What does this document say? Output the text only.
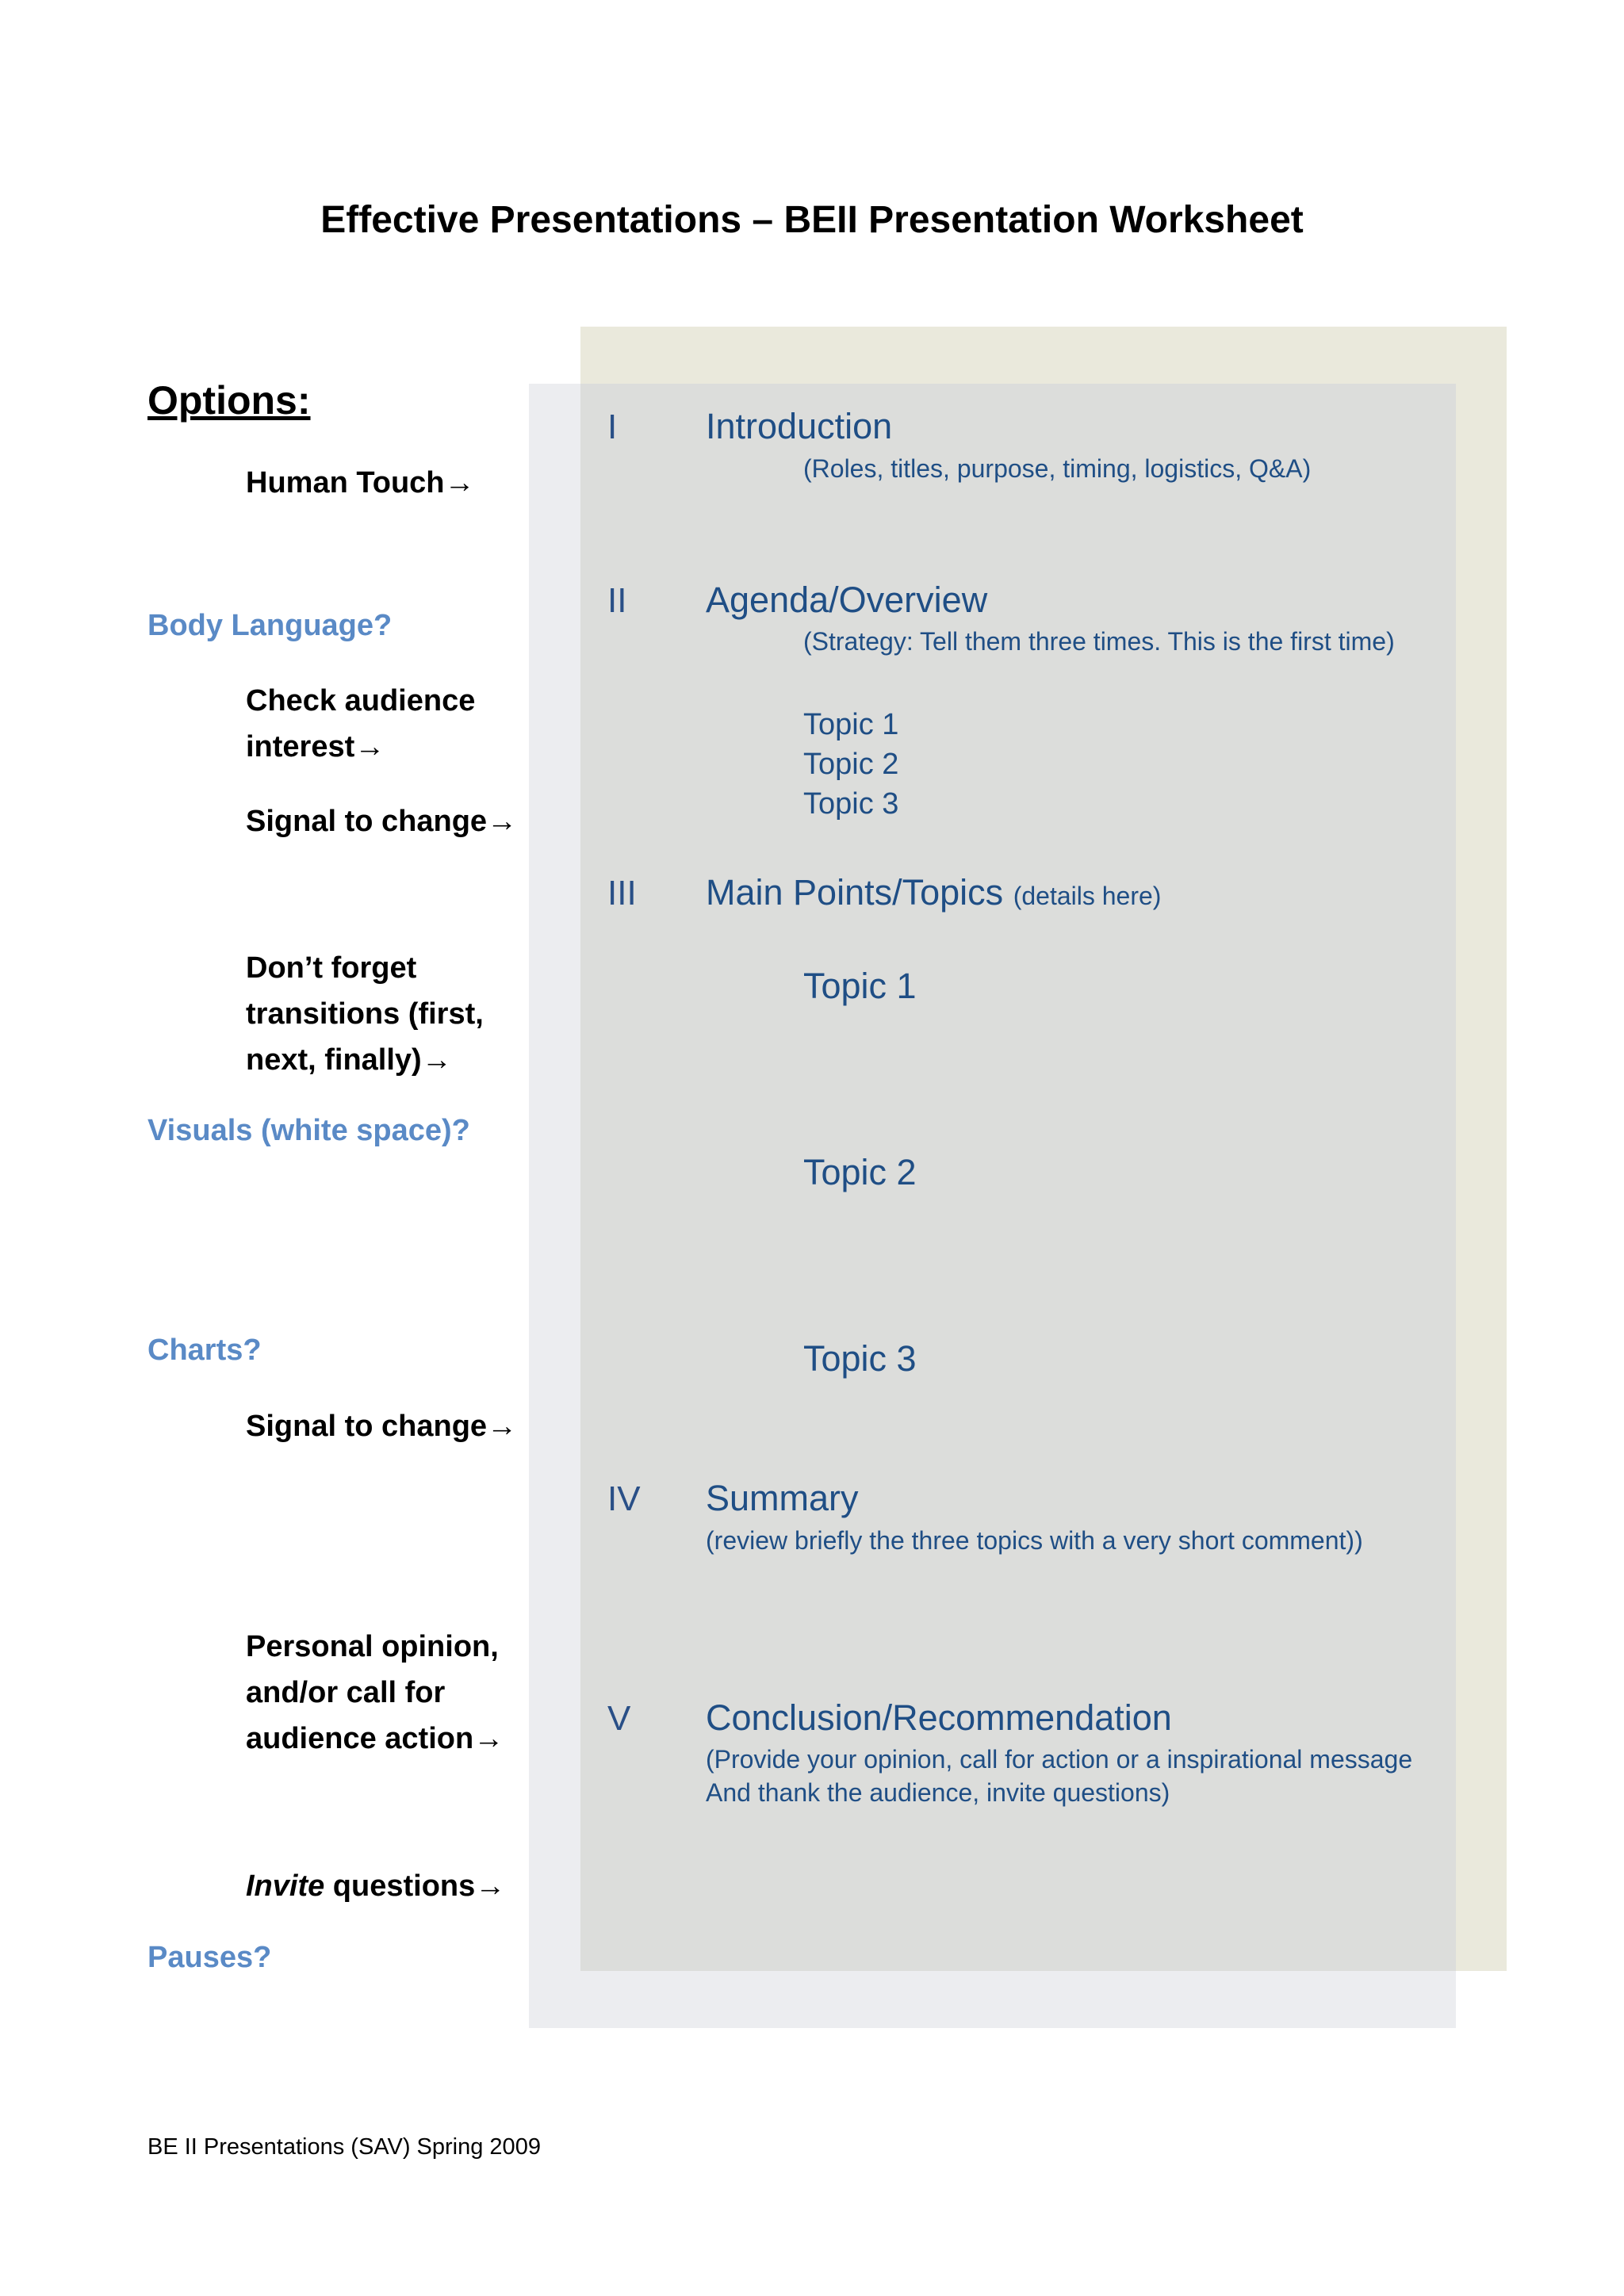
Effective Presentations – BEII Presentation Worksheet
Options:
Human Touch→
Body Language?
Check audience
interest→
Signal to change→
Don’t forget
transitions (first,
next, finally)→
Visuals (white space)?
Charts?
Signal to change→
Personal opinion,
and/or call for
audience action→
Invite questions→
Pauses?
I Introduction
(Roles, titles, purpose, timing, logistics, Q&A)
II Agenda/Overview
(Strategy: Tell them three times. This is the first time)
Topic 1
Topic 2
Topic 3
III Main Points/Topics (details here)
Topic 1
Topic 2
Topic 3
IV Summary
(review briefly the three topics with a very short comment))
V Conclusion/Recommendation
(Provide your opinion, call for action or a inspirational message
And thank the audience, invite questions)
BE II Presentations (SAV) Spring 2009
